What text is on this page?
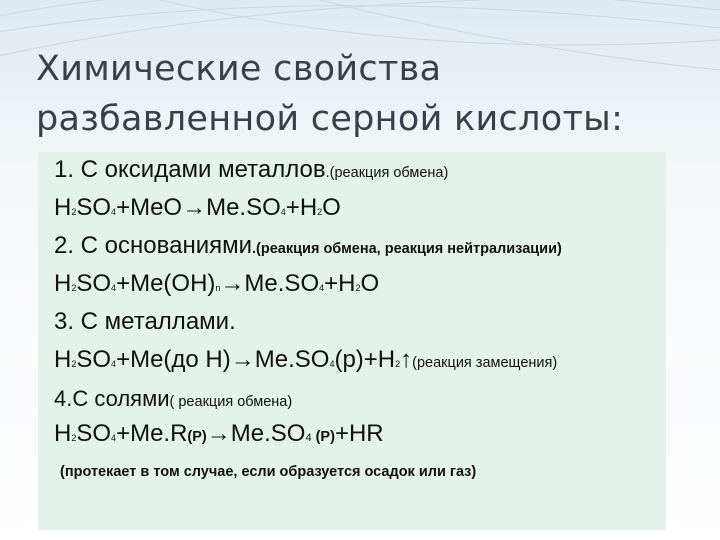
Химические свойства
разбавленной серной кислоты:
1. С оксидами металлов.(реакция обмена)
H2SO4+MeO→Me.SO4+H2O
2. С основаниями.(реакция обмена, реакция нейтрализации)
H2SO4+Me(OH)n→Me.SO4+H2O
3. С металлами.
H2SO4+Me(до H)→Me.SO4(р)+H2↑(реакция замещения)
4.С солями( реакция обмена)
H2SO4+Me.R(Р)→Me.SO4 (Р)+HR
(протекает в том случае, если образуется осадок или газ)
